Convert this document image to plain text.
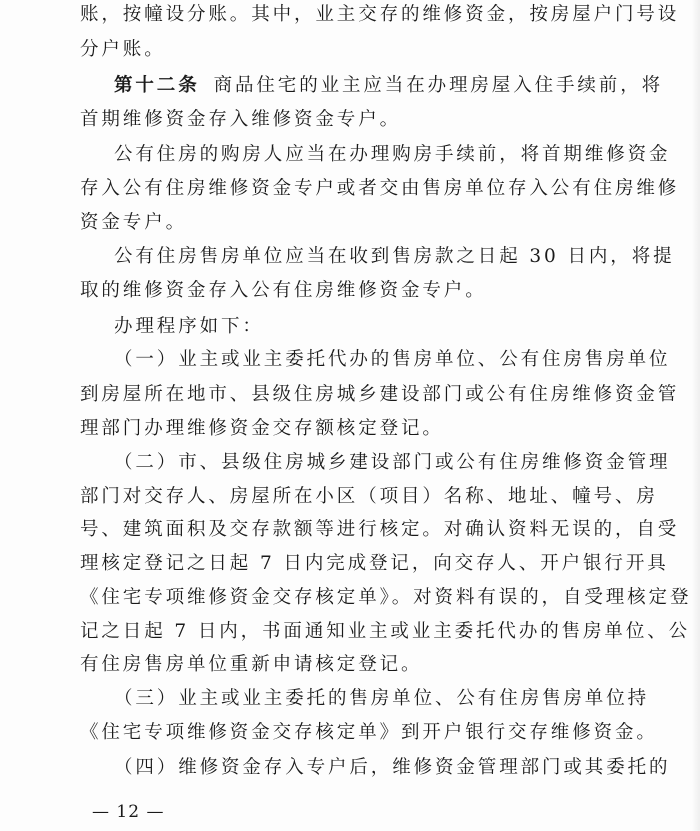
账，按幢设分账。其中，业主交存的维修资金，按房屋户门号设
分户账。
第十二条 商品住宅的业主应当在办理房屋入住手续前，将
首期维修资金存入维修资金专户。
公有住房的购房人应当在办理购房手续前，将首期维修资金
存入公有住房维修资金专户或者交由售房单位存入公有住房维修
资金专户。
公有住房售房单位应当在收到售房款之日起 30 日内，将提
取的维修资金存入公有住房维修资金专户。
办理程序如下：
（一）业主或业主委托代办的售房单位、公有住房售房单位
到房屋所在地市、县级住房城乡建设部门或公有住房维修资金管
理部门办理维修资金交存额核定登记。
（二）市、县级住房城乡建设部门或公有住房维修资金管理
部门对交存人、房屋所在小区（项目）名称、地址、幢号、房
号、建筑面积及交存款额等进行核定。对确认资料无误的，自受
理核定登记之日起 7 日内完成登记，向交存人、开户银行开具
《住宅专项维修资金交存核定单》。对资料有误的，自受理核定登
记之日起 7 日内，书面通知业主或业主委托代办的售房单位、公
有住房售房单位重新申请核定登记。
（三）业主或业主委托的售房单位、公有住房售房单位持
《住宅专项维修资金交存核定单》到开户银行交存维修资金。
（四）维修资金存入专户后，维修资金管理部门或其委托的
— 12 —
